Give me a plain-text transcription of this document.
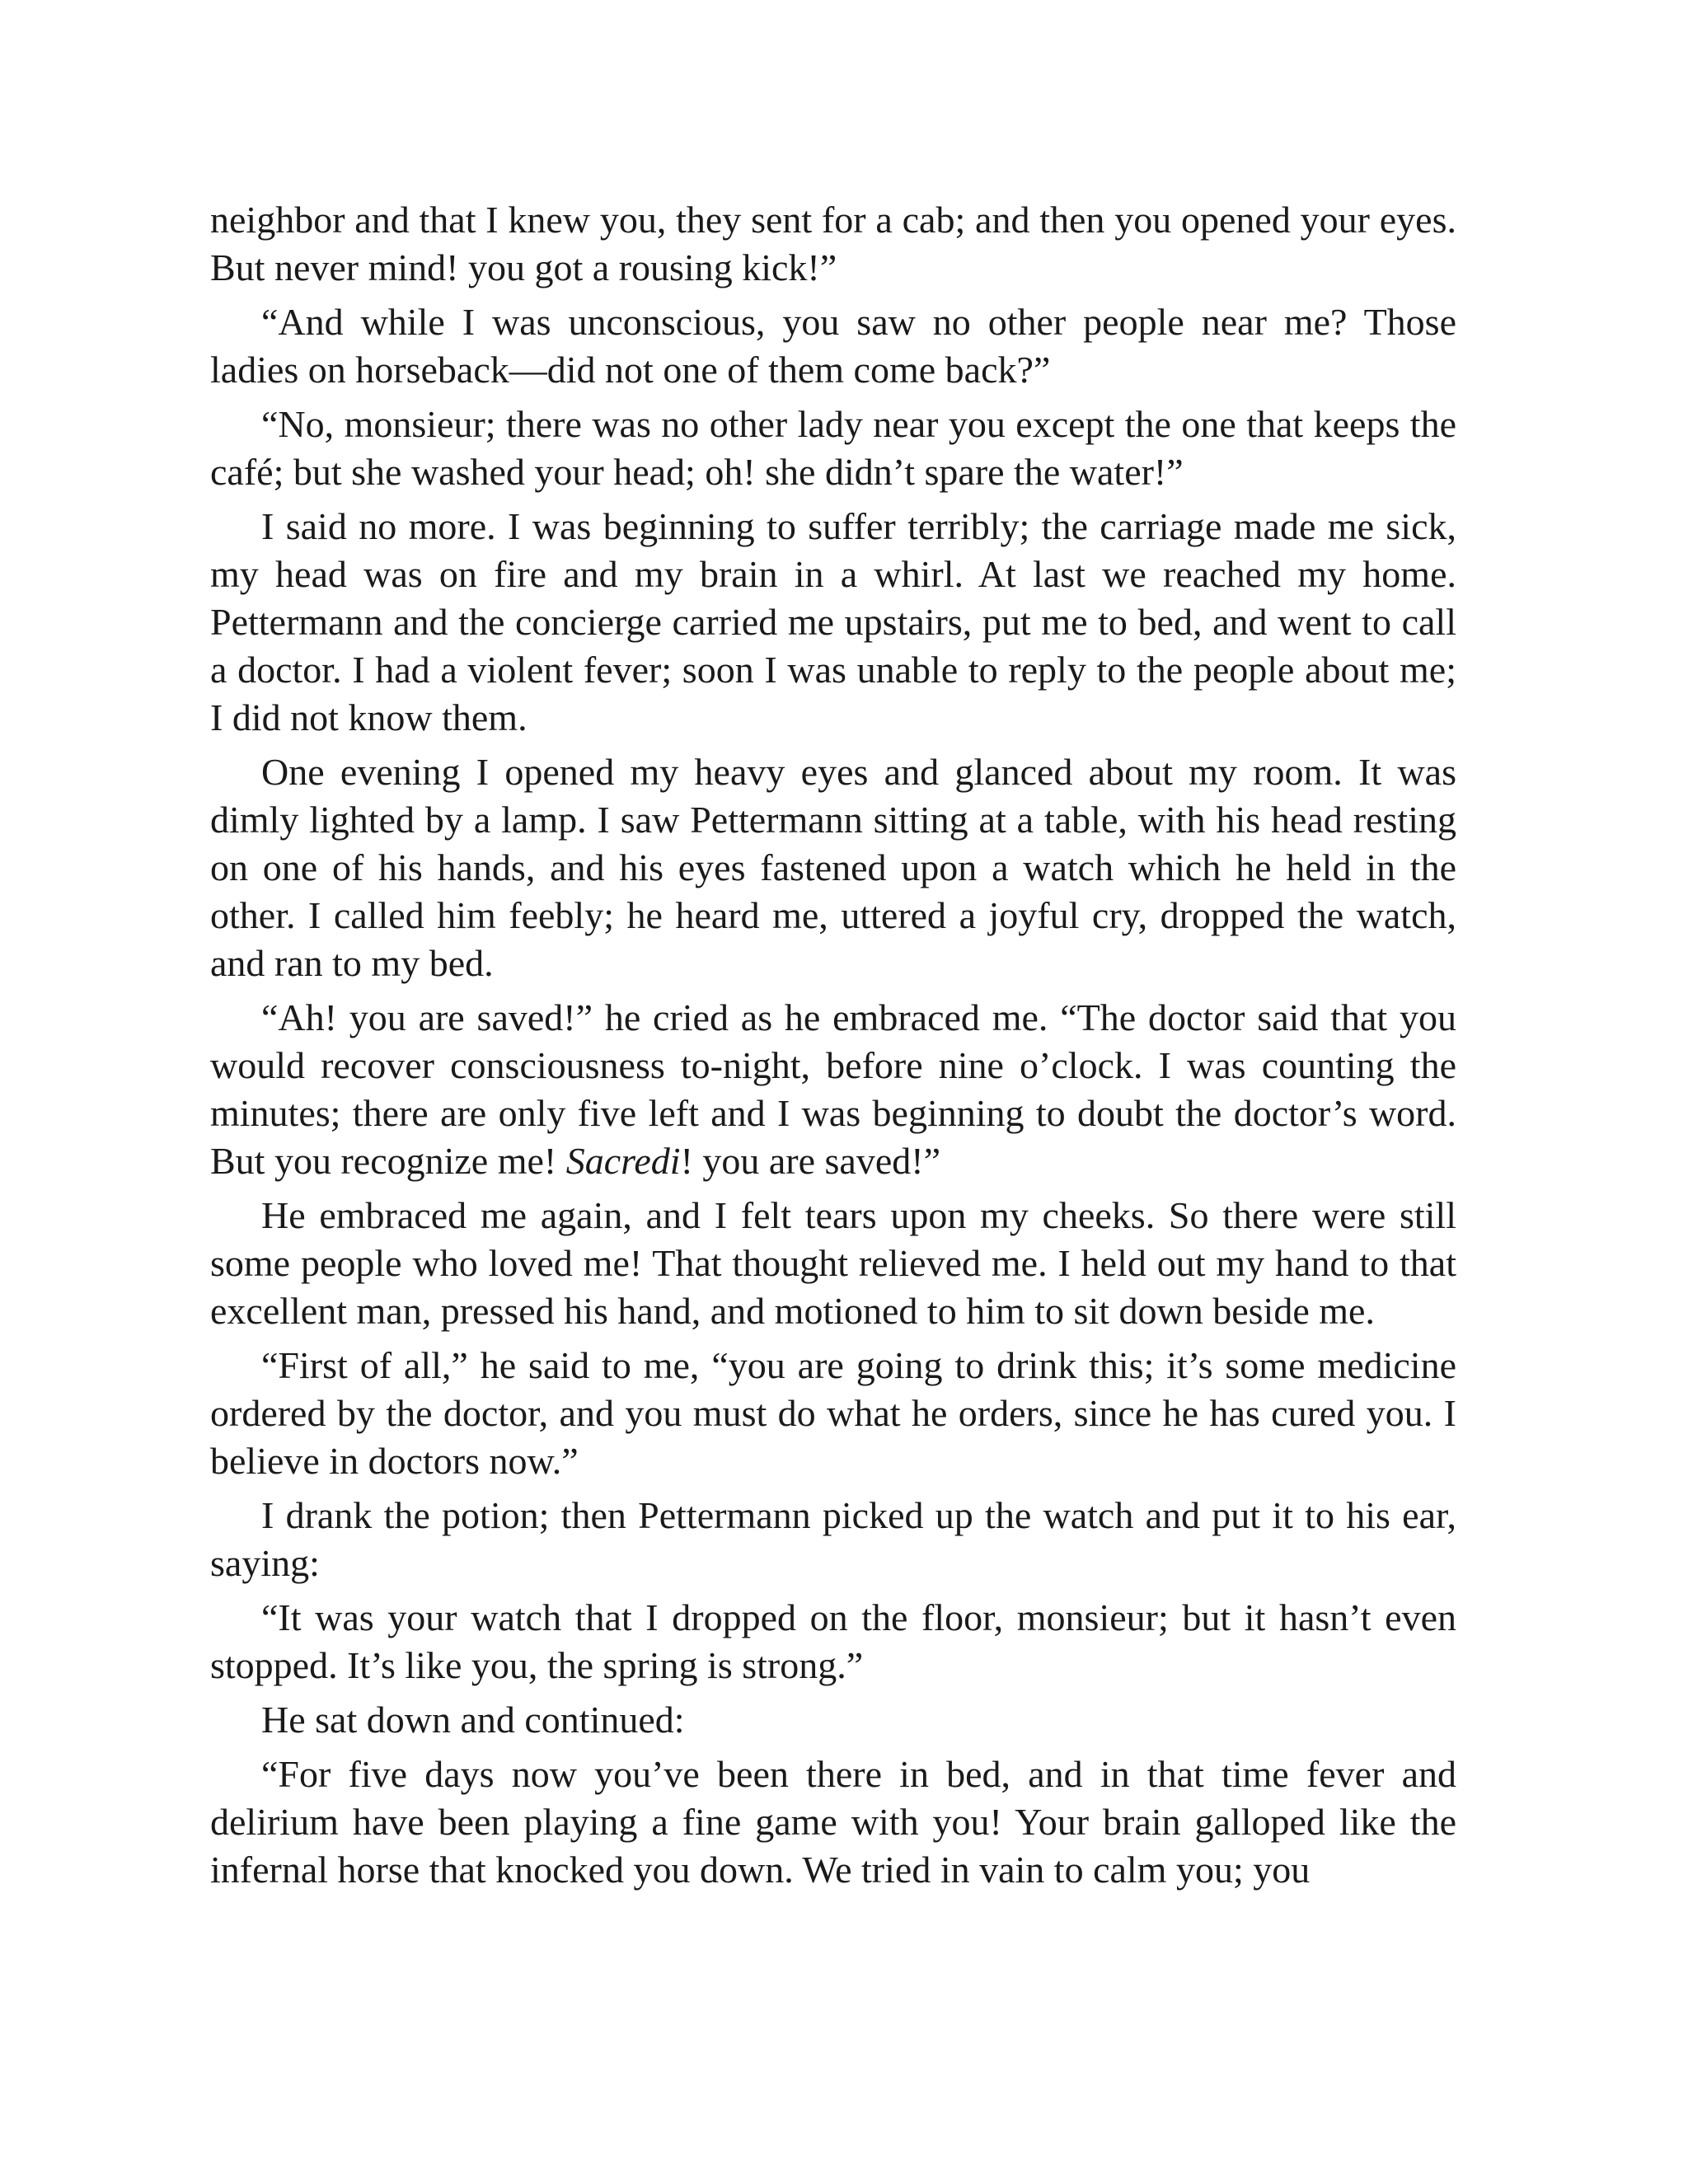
neighbor and that I knew you, they sent for a cab; and then you opened your eyes. But never mind! you got a rousing kick!”

“And while I was unconscious, you saw no other people near me? Those ladies on horseback—did not one of them come back?”

“No, monsieur; there was no other lady near you except the one that keeps the café; but she washed your head; oh! she didn’t spare the water!”

I said no more. I was beginning to suffer terribly; the carriage made me sick, my head was on fire and my brain in a whirl. At last we reached my home. Pettermann and the concierge carried me upstairs, put me to bed, and went to call a doctor. I had a violent fever; soon I was unable to reply to the people about me; I did not know them.

One evening I opened my heavy eyes and glanced about my room. It was dimly lighted by a lamp. I saw Pettermann sitting at a table, with his head resting on one of his hands, and his eyes fastened upon a watch which he held in the other. I called him feebly; he heard me, uttered a joyful cry, dropped the watch, and ran to my bed.

“Ah! you are saved!” he cried as he embraced me. “The doctor said that you would recover consciousness to-night, before nine o’clock. I was counting the minutes; there are only five left and I was beginning to doubt the doctor’s word. But you recognize me! Sacredi! you are saved!”

He embraced me again, and I felt tears upon my cheeks. So there were still some people who loved me! That thought relieved me. I held out my hand to that excellent man, pressed his hand, and motioned to him to sit down beside me.

“First of all,” he said to me, “you are going to drink this; it’s some medicine ordered by the doctor, and you must do what he orders, since he has cured you. I believe in doctors now.”

I drank the potion; then Pettermann picked up the watch and put it to his ear, saying:

“It was your watch that I dropped on the floor, monsieur; but it hasn’t even stopped. It’s like you, the spring is strong.”

He sat down and continued:

“For five days now you’ve been there in bed, and in that time fever and delirium have been playing a fine game with you! Your brain galloped like the infernal horse that knocked you down. We tried in vain to calm you; you
